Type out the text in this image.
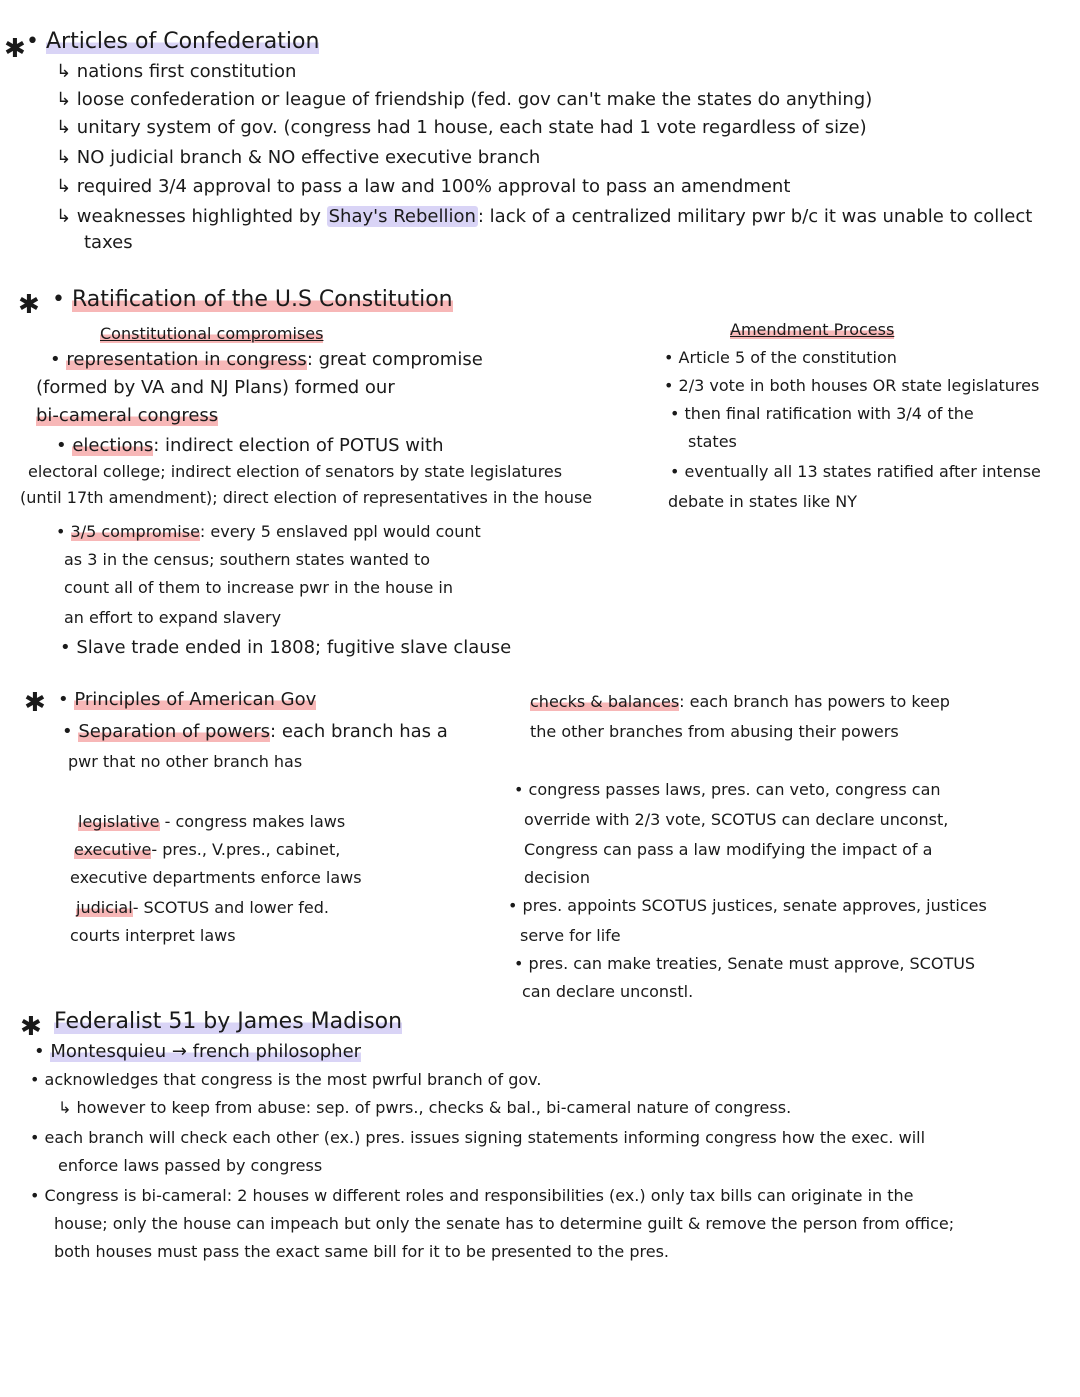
✱ • Articles of Confederation
↳ nations first constitution
↳ loose confederation or league of friendship (fed. gov can't make the states do anything)
↳ unitary system of gov. (congress had 1 house, each state had 1 vote regardless of size)
↳ NO judicial branch & NO effective executive branch
↳ required 3/4 approval to pass a law and 100% approval to pass an amendment
↳ weaknesses highlighted by Shay's Rebellion : lack of a centralized military pwr b/c it was unable to collect
taxes
✱ • Ratification of the U.S Constitution
Constitutional compromises
• representation in congress: great compromise
(formed by VA and NJ Plans) formed our
bi-cameral congress
• elections: indirect election of POTUS with
electoral college; indirect election of senators by state legislatures
(until 17th amendment); direct election of representatives in the house
• 3/5 compromise: every 5 enslaved ppl would count
as 3 in the census; southern states wanted to
count all of them to increase pwr in the house in
an effort to expand slavery
• Slave trade ended in 1808; fugitive slave clause
Amendment Process
• Article 5 of the constitution
• 2/3 vote in both houses OR state legislatures
• then final ratification with 3/4 of the
states
• eventually all 13 states ratified after intense
debate in states like NY
✱ • Principles of American Gov
• Separation of powers: each branch has a
pwr that no other branch has
legislative - congress makes laws
executive- pres., V.pres., cabinet,
executive departments enforce laws
judicial- SCOTUS and lower fed.
courts interpret laws
checks & balances: each branch has powers to keep
the other branches from abusing their powers
• congress passes laws, pres. can veto, congress can
override with 2/3 vote, SCOTUS can declare unconst,
Congress can pass a law modifying the impact of a
decision
• pres. appoints SCOTUS justices, senate approves, justices
serve for life
• pres. can make treaties, Senate must approve, SCOTUS
can declare unconstl.
✱ Federalist 51 by James Madison
• Montesquieu → french philosopher
• acknowledges that congress is the most pwrful branch of gov.
↳ however to keep from abuse: sep. of pwrs., checks & bal., bi-cameral nature of congress.
• each branch will check each other (ex.) pres. issues signing statements informing congress how the exec. will
enforce laws passed by congress
• Congress is bi-cameral: 2 houses w different roles and responsibilities (ex.) only tax bills can originate in the
house; only the house can impeach but only the senate has to determine guilt & remove the person from office;
both houses must pass the exact same bill for it to be presented to the pres.
